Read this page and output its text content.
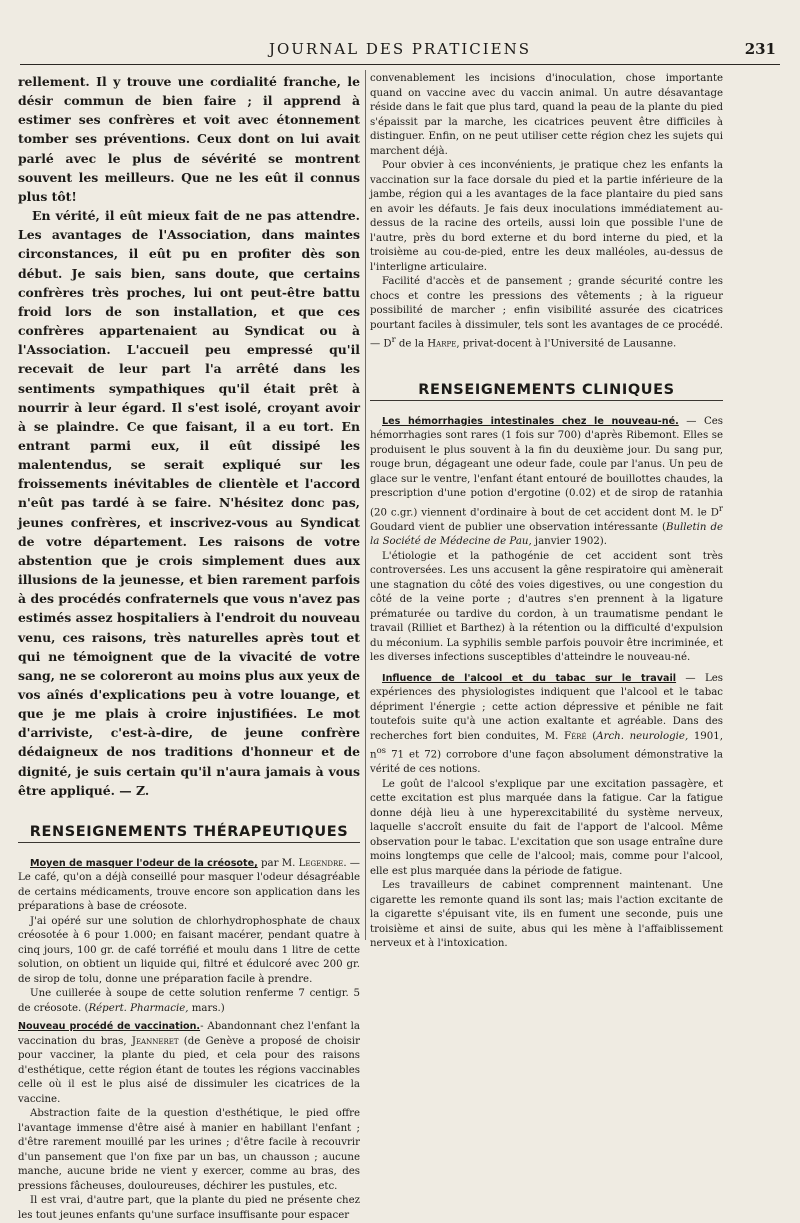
JOURNAL DES PRATICIENS	231

rellement. Il y trouve une cordialité franche, le désir commun de bien faire ; il apprend à estimer ses confrères et voit avec étonnement tomber ses préventions. Ceux dont on lui avait parlé avec le plus de sévérité se montrent souvent les meilleurs. Que ne les eût il connus plus tôt!

En vérité, il eût mieux fait de ne pas attendre. Les avantages de l'Association, dans maintes circonstances, il eût pu en profiter dès son début. Je sais bien, sans doute, que certains confrères très proches, lui ont peut-être battu froid lors de son installation, et que ces confrères appartenaient au Syndicat ou à l'Association. L'accueil peu empressé qu'il recevait de leur part l'a arrêté dans les sentiments sympathiques qu'il était prêt à nourrir à leur égard. Il s'est isolé, croyant avoir à se plaindre. Ce que faisant, il a eu tort. En entrant parmi eux, il eût dissipé les malentendus, se serait expliqué sur les froissements inévitables de clientèle et l'accord n'eût pas tardé à se faire. N'hésitez donc pas, jeunes confrères, et inscrivez-vous au Syndicat de votre département. Les raisons de votre abstention que je crois simplement dues aux illusions de la jeunesse, et bien rarement parfois à des procédés confraternels que vous n'avez pas estimés assez hospitaliers à l'endroit du nouveau venu, ces raisons, très naturelles après tout et qui ne témoignent que de la vivacité de votre sang, ne se coloreront au moins plus aux yeux de vos aînés d'explications peu à votre louange, et que je me plais à croire injustifiées. Le mot d'arriviste, c'est-à-dire, de jeune confrère dédaigneux de nos traditions d'honneur et de dignité, je suis certain qu'il n'aura jamais à vous être appliqué. — Z.

RENSEIGNEMENTS THÉRAPEUTIQUES

Moyen de masquer l'odeur de la créosote, par M. Legendre. — Le café, qu'on a déjà conseillé pour masquer l'odeur désagréable de certains médicaments, trouve encore son application dans les préparations à base de créosote.

J'ai opéré sur une solution de chlorhydrophosphate de chaux créosotée à 6 pour 1.000; en faisant macérer, pendant quatre à cinq jours, 100 gr. de café torréfié et moulu dans 1 litre de cette solution, on obtient un liquide qui, filtré et édulcoré avec 200 gr. de sirop de tolu, donne une préparation facile à prendre.

Une cuillerée à soupe de cette solution renferme 7 centigr. 5 de créosote. (Répert. Pharmacie, mars.)

Nouveau procédé de vaccination.- Abandonnant chez l'enfant la vaccination du bras, Jeanneret (de Genève a proposé de choisir pour vacciner, la plante du pied, et cela pour des raisons d'esthétique, cette région étant de toutes les régions vaccinables celle où il est le plus aisé de dissimuler les cicatrices de la vaccine.

Abstraction faite de la question d'esthétique, le pied offre l'avantage immense d'être aisé à manier en habillant l'enfant ; d'être rarement mouillé par les urines ; d'être facile à recouvrir d'un pansement que l'on fixe par un bas, un chausson ; aucune manche, aucune bride ne vient y exercer, comme au bras, des pressions fâcheuses, douloureuses, déchirer les pustules, etc.

Il est vrai, d'autre part, que la plante du pied ne présente chez les tout jeunes enfants qu'une surface insuffisante pour espacer

convenablement les incisions d'inoculation, chose importante quand on vaccine avec du vaccin animal. Un autre désavantage réside dans le fait que plus tard, quand la peau de la plante du pied s'épaissit par la marche, les cicatrices peuvent être difficiles à distinguer. Enfin, on ne peut utiliser cette région chez les sujets qui marchent déjà.

Pour obvier à ces inconvénients, je pratique chez les enfants la vaccination sur la face dorsale du pied et la partie inférieure de la jambe, région qui a les avantages de la face plantaire du pied sans en avoir les défauts. Je fais deux inoculations immédiatement au-dessus de la racine des orteils, aussi loin que possible l'une de l'autre, près du bord externe et du bord interne du pied, et la troisième au cou-de-pied, entre les deux malléoles, au-dessus de l'interligne articulaire.

Facilité d'accès et de pansement ; grande sécurité contre les chocs et contre les pressions des vêtements ; à la rigueur possibilité de marcher ; enfin visibilité assurée des cicatrices pourtant faciles à dissimuler, tels sont les avantages de ce procédé. — $D^r$ de la Harpe, privat-docent à l'Université de Lausanne.

RENSEIGNEMENTS CLINIQUES

Les hémorrhagies intestinales chez le nouveau-né. — Ces hémorrhagies sont rares (1 fois sur 700) d'après Ribemont. Elles se produisent le plus souvent à la fin du deuxième jour. Du sang pur, rouge brun, dégageant une odeur fade, coule par l'anus. Un peu de glace sur le ventre, l'enfant étant entouré de bouillottes chaudes, la prescription d'une potion d'ergotine (0.02) et de sirop de ratanhia (20 c.gr.) viennent d'ordinaire à bout de cet accident dont M. le $D^r$ Goudard vient de publier une observation intéressante (Bulletin de la Société de Médecine de Pau, janvier 1902).

L'étiologie et la pathogénie de cet accident sont très controversées. Les uns accusent la gêne respiratoire qui amènerait une stagnation du côté des voies digestives, ou une congestion du côté de la veine porte ; d'autres s'en prennent à la ligature prématurée ou tardive du cordon, à un traumatisme pendant le travail (Rilliet et Barthez) à la rétention ou la difficulté d'expulsion du méconium. La syphilis semble parfois pouvoir être incriminée, et les diverses infections susceptibles d'atteindre le nouveau-né.

Influence de l'alcool et du tabac sur le travail — Les expériences des physiologistes indiquent que l'alcool et le tabac dépriment l'énergie ; cette action dépressive et pénible ne fait toutefois suite qu'à une action exaltante et agréable. Dans des recherches fort bien conduites, M. Féré (Arch. neurologie, 1901, $n^{os}$ 71 et 72) corrobore d'une façon absolument démonstrative la vérité de ces notions.

Le goût de l'alcool s'explique par une excitation passagère, et cette excitation est plus marquée dans la fatigue. Car la fatigue donne déjà lieu à une hyperexcitabilité du système nerveux, laquelle s'accroît ensuite du fait de l'apport de l'alcool. Même observation pour le tabac. L'excitation que son usage entraîne dure moins longtemps que celle de l'alcool; mais, comme pour l'alcool, elle est plus marquée dans la période de fatigue.

Les travailleurs de cabinet comprennent maintenant. Une cigarette les remonte quand ils sont las; mais l'action excitante de la cigarette s'épuisant vite, ils en fument une seconde, puis une troisième et ainsi de suite, abus qui les mène à l'affaiblissement nerveux et à l'intoxication.
